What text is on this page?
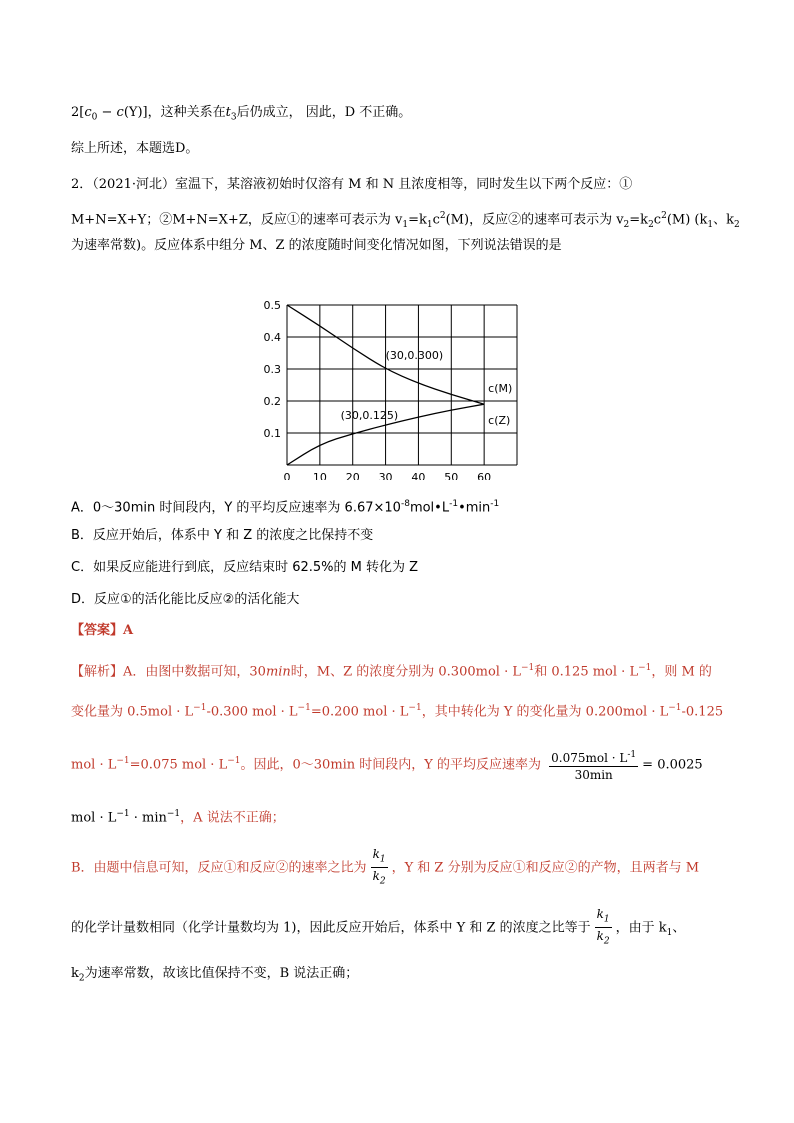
$2[c_0 - c(Y)]$，这种关系在$t_3$后仍成立， 因此，D 不正确。
综上所述，本题选D。
2．（2021·河北）室温下，某溶液初始时仅溶有 M 和 N 且浓度相等，同时发生以下两个反应：①
M+N=X+Y；②M+N=X+Z，反应①的速率可表示为 $v_1=k_1c^2(M)$，反应②的速率可表示为 $v_2=k_2c^2(M)$ ($k_1$、$k_2$
为速率常数)。反应体系中组分 M、Z 的浓度随时间变化情况如图，下列说法错误的是
0 10 20 30 40 50 60
0.1
0.2
0.3
0.4
0.5
c(M)
c(Z)
(30,0.300)
(30,0.125)
A．0～30min 时间段内，Y 的平均反应速率为 $6.67\times 10^{-8}mol•L^{-1}•\min^{-1}$
B．反应开始后，体系中 Y 和 Z 的浓度之比保持不变
C．如果反应能进行到底，反应结束时 62.5%的 M 转化为 Z
D．反应①的活化能比反应②的活化能大
【答案】A
【解析】A．由图中数据可知，30min时，M、Z 的浓度分别为 $0.300mol \cdot L^{-1}$和 0.125 mol · $L^{-1}$，则 M 的
变化量为 $0.5mol \cdot L^{-1}-0.300$ mol · $L^{-1}=0.200$ mol · $L^{-1}$，其中转化为 Y 的变化量为 $0.200mol \cdot L^{-1}-0.125$
mol · $L^{-1}=0.075$ mol · $L^{-1}$。因此，0～30min 时间段内，Y 的平均反应速率为 $\frac{0.075mol \cdot L^{-1}}{30\min} = 0.0025$
mol · $L^{-1} \cdot \min^{-1}$，A 说法不正确；
B．由题中信息可知，反应①和反应②的速率之比为 $\frac{k_1}{k_2}$ ，Y 和 Z 分别为反应①和反应②的产物，且两者与 M
的化学计量数相同（化学计量数均为 1)，因此反应开始后，体系中 Y 和 Z 的浓度之比等于 $\frac{k_1}{k_2}$ ，由于 $k_1$、
$k_2$为速率常数，故该比值保持不变，B 说法正确；
